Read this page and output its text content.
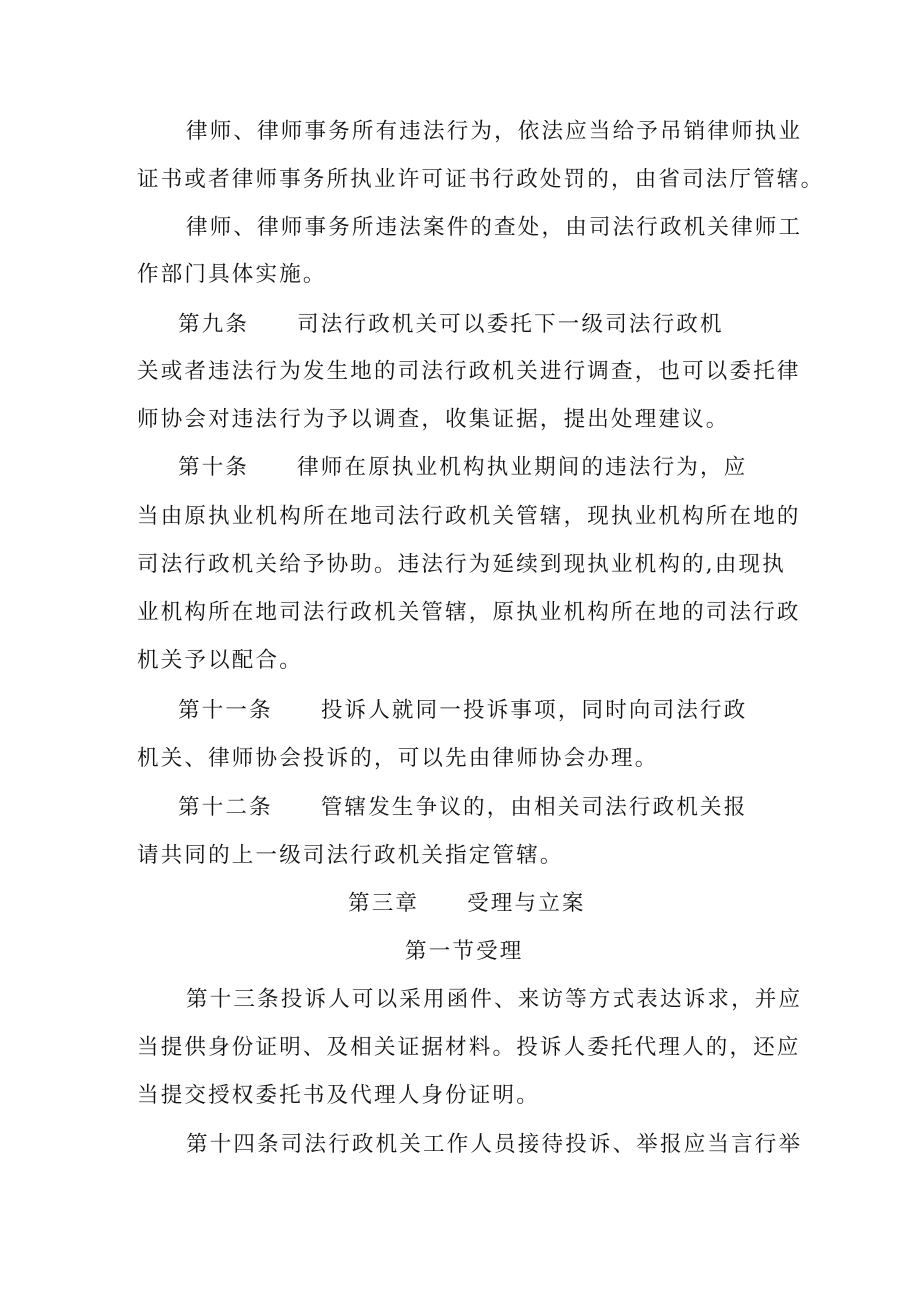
律师、律师事务所有违法行为，依法应当给予吊销律师执业
证书或者律师事务所执业许可证书行政处罚的，由省司法厅管辖。
律师、律师事务所违法案件的查处，由司法行政机关律师工
作部门具体实施。
第九条 司法行政机关可以委托下一级司法行政机
关或者违法行为发生地的司法行政机关进行调查，也可以委托律
师协会对违法行为予以调查，收集证据，提出处理建议。
第十条 律师在原执业机构执业期间的违法行为，应
当由原执业机构所在地司法行政机关管辖，现执业机构所在地的
司法行政机关给予协助。违法行为延续到现执业机构的,由现执
业机构所在地司法行政机关管辖，原执业机构所在地的司法行政
机关予以配合。
第十一条 投诉人就同一投诉事项，同时向司法行政
机关、律师协会投诉的，可以先由律师协会办理。
第十二条 管辖发生争议的，由相关司法行政机关报
请共同的上一级司法行政机关指定管辖。
第三章 受理与立案
第一节受理
第十三条投诉人可以采用函件、来访等方式表达诉求，并应
当提供身份证明、及相关证据材料。投诉人委托代理人的，还应
当提交授权委托书及代理人身份证明。
第十四条司法行政机关工作人员接待投诉、举报应当言行举
